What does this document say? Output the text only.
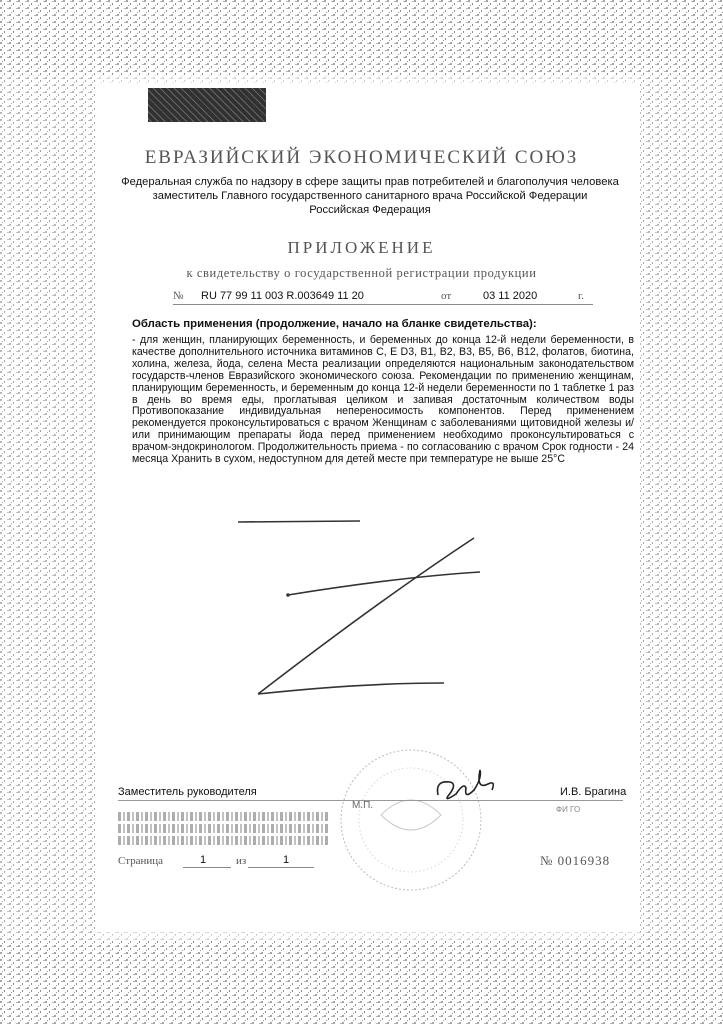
ЕВРАЗИЙСКИЙ ЭКОНОМИЧЕСКИЙ СОЮЗ
Федеральная служба по надзору в сфере защиты прав потребителей и благополучия человека
заместитель Главного государственного санитарного врача Российской Федерации
Российская Федерация
ПРИЛОЖЕНИЕ
к свидетельству о государственной регистрации продукции
№ RU 77 99 11 003 R.003649 11 20	от	03 11 2020	г.
Область применения (продолжение, начало на бланке свидетельства):

- для женщин, планирующих беременность, и беременных до конца 12-й недели беременности, в качестве дополнительного источника витаминов С, Е D3, B1, B2, B3, B5, B6, B12, фолатов, биотина, холина, железа, йода, селена Места реализации определяются национальным законодательством государств-членов Евразийского экономического союза. Рекомендации по применению женщинам, планирующим беременность, и беременным до конца 12-й недели беременности по 1 таблетке 1 раз в день во время еды, проглатывая целиком и запивая достаточным количеством воды Противопоказание индивидуальная непереносимость компонентов. Перед применением рекомендуется проконсультироваться с врачом Женщинам с заболеваниями щитовидной железы и/или принимающим препараты йода перед применением необходимо проконсультироваться с врачом-эндокринологом. Продолжительность приема - по согласованию с врачом Срок годности - 24 месяца Хранить в сухом, недоступном для детей месте при температуре не выше 25°С

Заместитель руководителя
М.П.
И.В. Брагина
ФИ ГО
Страница	1	из	1	№ 0016938
